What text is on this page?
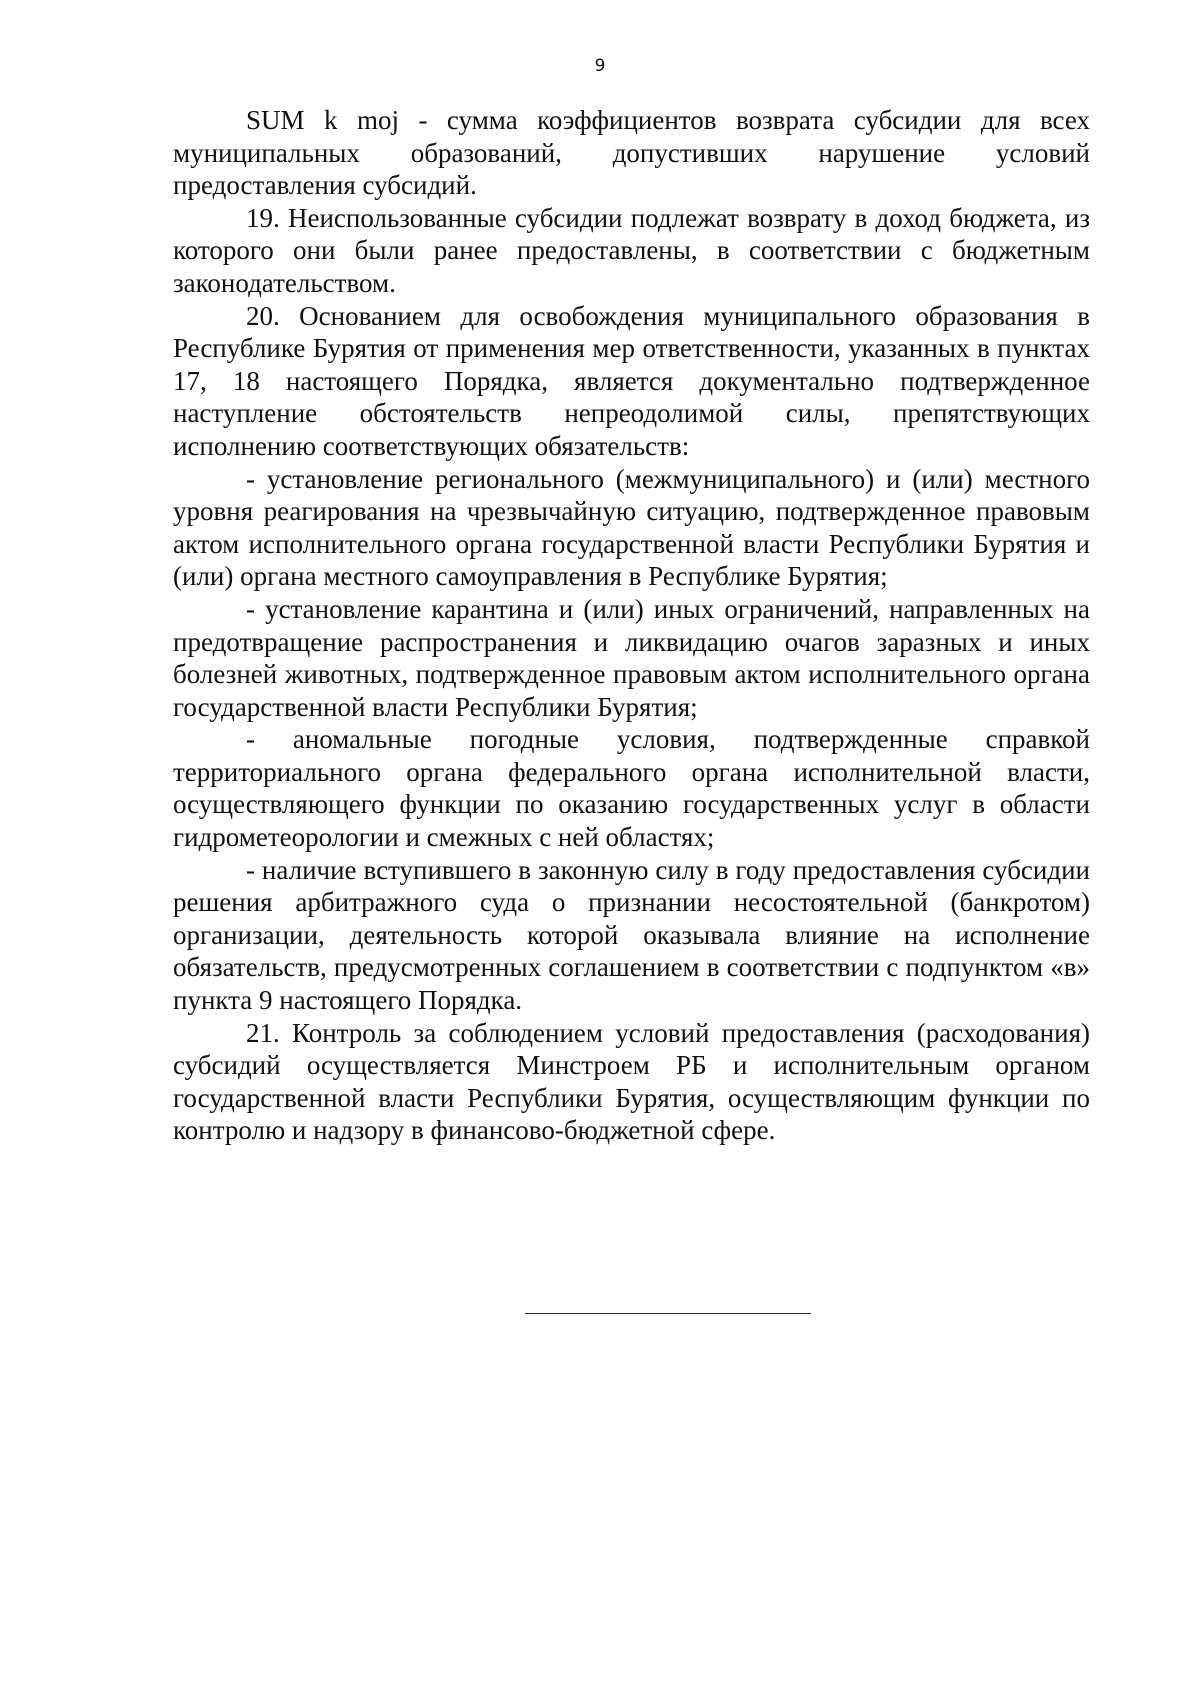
9

SUM k moj - сумма коэффициентов возврата субсидии для всех муниципальных образований, допустивших нарушение условий предоставления субсидий.

19. Неиспользованные субсидии подлежат возврату в доход бюджета, из которого они были ранее предоставлены, в соответствии с бюджетным законодательством.

20. Основанием для освобождения муниципального образования в Республике Бурятия от применения мер ответственности, указанных в пунктах 17, 18 настоящего Порядка, является документально подтвержденное наступление обстоятельств непреодолимой силы, препятствующих исполнению соответствующих обязательств:

- установление регионального (межмуниципального) и (или) местного уровня реагирования на чрезвычайную ситуацию, подтвержденное правовым актом исполнительного органа государственной власти Республики Бурятия и (или) органа местного самоуправления в Республике Бурятия;

- установление карантина и (или) иных ограничений, направленных на предотвращение распространения и ликвидацию очагов заразных и иных болезней животных, подтвержденное правовым актом исполнительного органа государственной власти Республики Бурятия;

- аномальные погодные условия, подтвержденные справкой территориального органа федерального органа исполнительной власти, осуществляющего функции по оказанию государственных услуг в области гидрометеорологии и смежных с ней областях;

- наличие вступившего в законную силу в году предоставления субсидии решения арбитражного суда о признании несостоятельной (банкротом) организации, деятельность которой оказывала влияние на исполнение обязательств, предусмотренных соглашением в соответствии с подпунктом «в» пункта 9 настоящего Порядка.

21. Контроль за соблюдением условий предоставления (расходования) субсидий осуществляется Минстроем РБ и исполнительным органом государственной власти Республики Бурятия, осуществляющим функции по контролю и надзору в финансово-бюджетной сфере.
